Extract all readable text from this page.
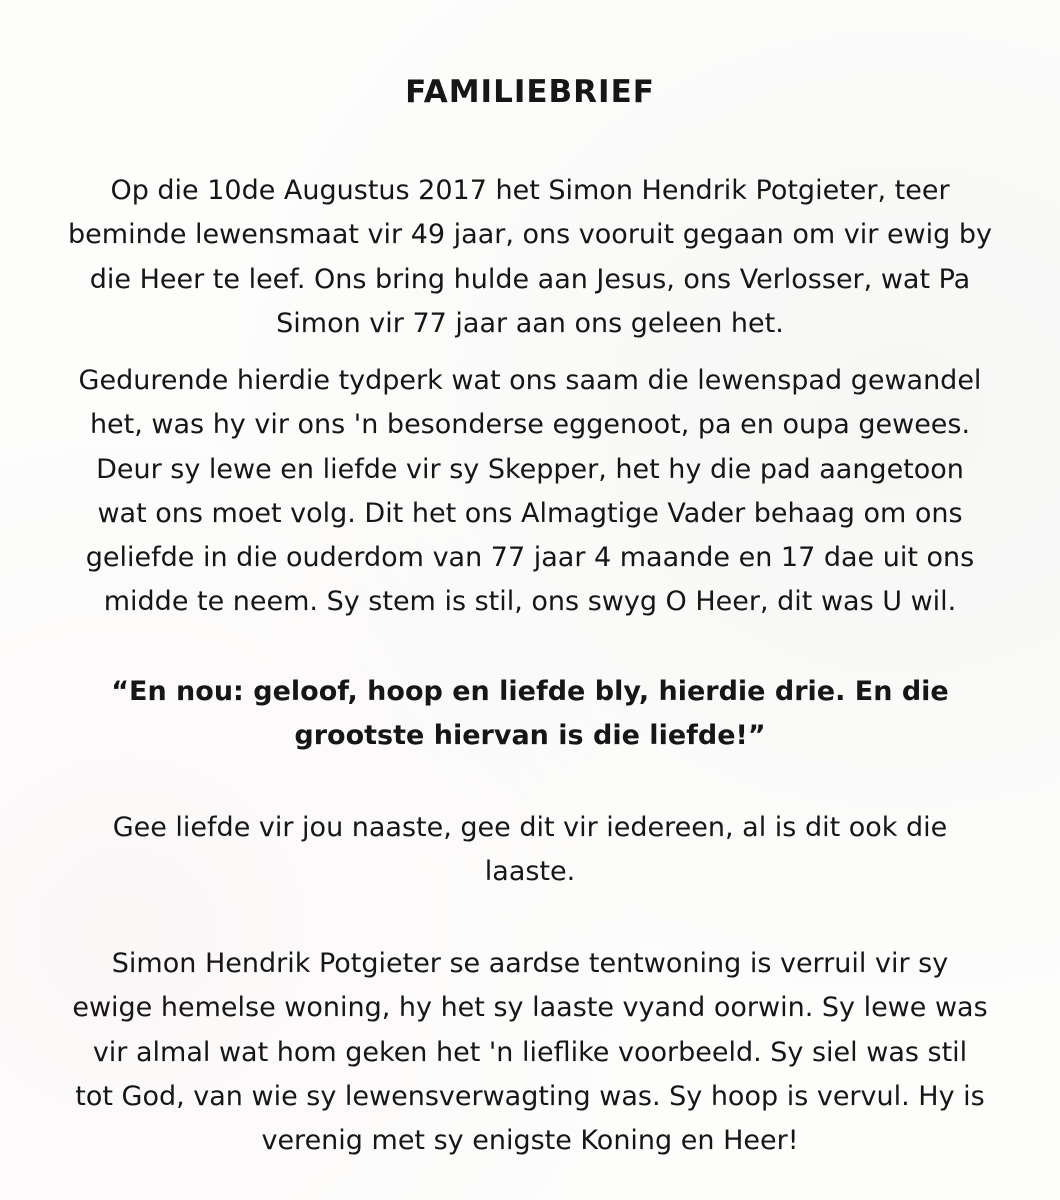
FAMILIEBRIEF

Op die 10de Augustus 2017 het Simon Hendrik Potgieter, teer
beminde lewensmaat vir 49 jaar, ons vooruit gegaan om vir ewig by
die Heer te leef. Ons bring hulde aan Jesus, ons Verlosser, wat Pa
Simon vir 77 jaar aan ons geleen het.

Gedurende hierdie tydperk wat ons saam die lewenspad gewandel
het, was hy vir ons 'n besonderse eggenoot, pa en oupa gewees.
Deur sy lewe en liefde vir sy Skepper, het hy die pad aangetoon
wat ons moet volg. Dit het ons Almagtige Vader behaag om ons
geliefde in die ouderdom van 77 jaar 4 maande en 17 dae uit ons
midde te neem. Sy stem is stil, ons swyg O Heer, dit was U wil.

“En nou: geloof, hoop en liefde bly, hierdie drie. En die
grootste hiervan is die liefde!”

Gee liefde vir jou naaste, gee dit vir iedereen, al is dit ook die
laaste.

Simon Hendrik Potgieter se aardse tentwoning is verruil vir sy
ewige hemelse woning, hy het sy laaste vyand oorwin. Sy lewe was
vir almal wat hom geken het 'n lieflike voorbeeld. Sy siel was stil
tot God, van wie sy lewensverwagting was. Sy hoop is vervul. Hy is
verenig met sy enigste Koning en Heer!
